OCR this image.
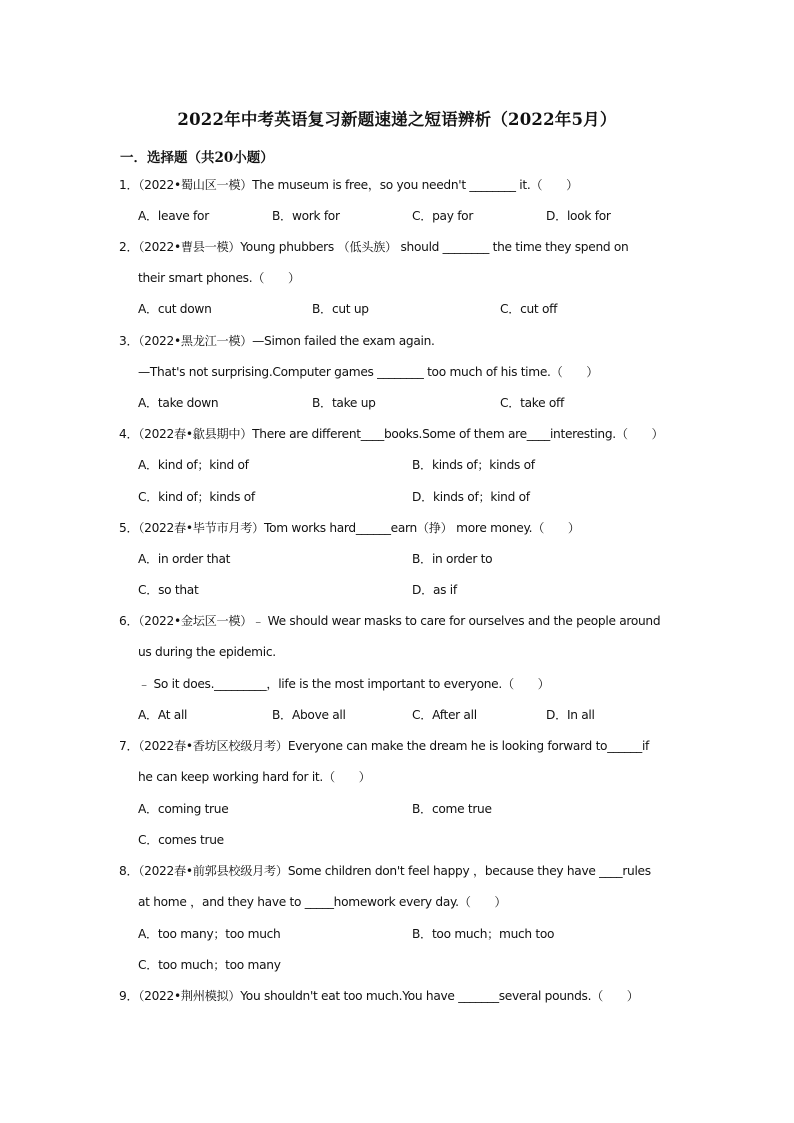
2022年中考英语复习新题速递之短语辨析（2022年5月）
一．选择题（共20小题）
1．（2022•蜀山区一模）The museum is free，so you needn't ________ it.（　　）
A．leave for	B．work for	C．pay for	D．look for
2．（2022•曹县一模）Young phubbers （低头族） should ________ the time they spend on
their smart phones.（　　）
A．cut down	B．cut up	C．cut off
3．（2022•黑龙江一模）—Simon failed the exam again.
—That's not surprising.Computer games ________ too much of his time.（　　）
A．take down	B．take up	C．take off
4．（2022春•歙县期中）There are different____books.Some of them are____interesting.（　　）
A．kind of；kind of	B．kinds of；kinds of
C．kind of；kinds of	D．kinds of；kind of
5．（2022春•毕节市月考）Tom works hard______earn（挣） more money.（　　）
A．in order that	B．in order to
C．so that	D．as if
6．（2022•金坛区一模）﹣ We should wear masks to care for ourselves and the people around
us during the epidemic.
﹣ So it does._________，life is the most important to everyone.（　　）
A．At all	B．Above all	C．After all	D．In all
7．（2022春•香坊区校级月考）Everyone can make the dream he is looking forward to______if
he can keep working hard for it.（　　）
A．coming true	B．come true
C．comes true
8．（2022春•前郭县校级月考）Some children don't feel happy ，because they have ____rules
at home ，and they have to _____homework every day.（　　）
A．too many；too much	B．too much；much too
C．too much；too many
9．（2022•荆州模拟）You shouldn't eat too much.You have _______several pounds.（　　）
